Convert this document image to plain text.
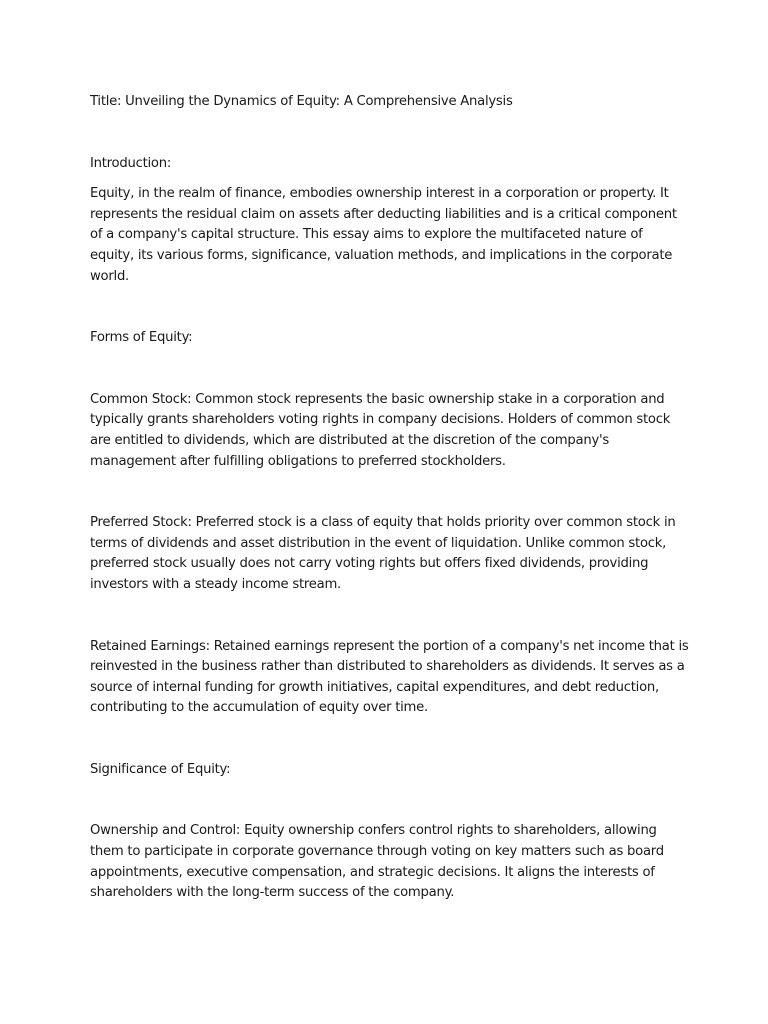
Title: Unveiling the Dynamics of Equity: A Comprehensive Analysis

Introduction:

Equity, in the realm of finance, embodies ownership interest in a corporation or property. It represents the residual claim on assets after deducting liabilities and is a critical component of a company's capital structure. This essay aims to explore the multifaceted nature of equity, its various forms, significance, valuation methods, and implications in the corporate world.

Forms of Equity:

Common Stock: Common stock represents the basic ownership stake in a corporation and typically grants shareholders voting rights in company decisions. Holders of common stock are entitled to dividends, which are distributed at the discretion of the company's management after fulfilling obligations to preferred stockholders.

Preferred Stock: Preferred stock is a class of equity that holds priority over common stock in terms of dividends and asset distribution in the event of liquidation. Unlike common stock, preferred stock usually does not carry voting rights but offers fixed dividends, providing investors with a steady income stream.

Retained Earnings: Retained earnings represent the portion of a company's net income that is reinvested in the business rather than distributed to shareholders as dividends. It serves as a source of internal funding for growth initiatives, capital expenditures, and debt reduction, contributing to the accumulation of equity over time.

Significance of Equity:

Ownership and Control: Equity ownership confers control rights to shareholders, allowing them to participate in corporate governance through voting on key matters such as board appointments, executive compensation, and strategic decisions. It aligns the interests of shareholders with the long-term success of the company.
